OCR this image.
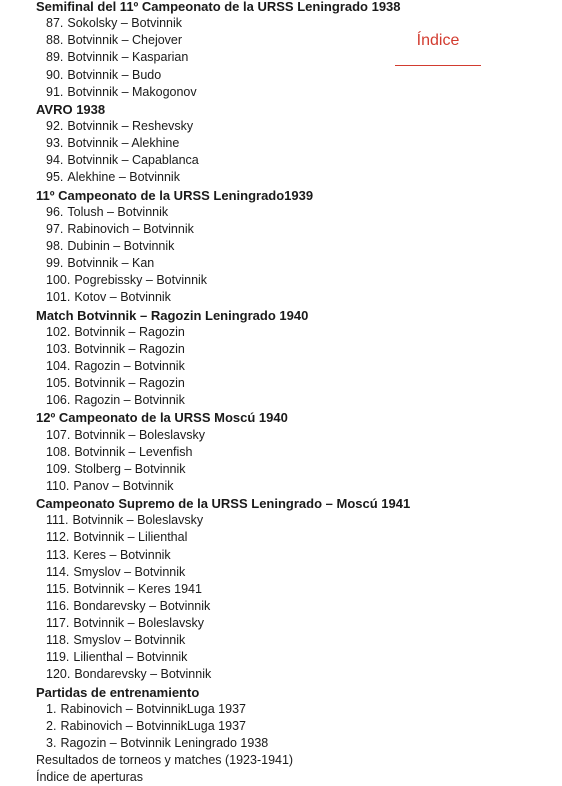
Semifinal del 11º Campeonato de la URSS Leningrado 1938
87. Sokolsky – Botvinnik
88. Botvinnik – Chejover
89. Botvinnik – Kasparian
90. Botvinnik – Budo
91. Botvinnik – Makogonov
AVRO 1938
92. Botvinnik – Reshevsky
93. Botvinnik – Alekhine
94. Botvinnik – Capablanca
95. Alekhine – Botvinnik
11º Campeonato de la URSS Leningrado1939
96. Tolush – Botvinnik
97. Rabinovich – Botvinnik
98. Dubinin – Botvinnik
99. Botvinnik – Kan
100. Pogrebissky – Botvinnik
101. Kotov – Botvinnik
Match Botvinnik – Ragozin Leningrado 1940
102. Botvinnik – Ragozin
103. Botvinnik – Ragozin
104. Ragozin – Botvinnik
105. Botvinnik – Ragozin
106. Ragozin – Botvinnik
12º Campeonato de la URSS Moscú 1940
107. Botvinnik – Boleslavsky
108. Botvinnik – Levenfish
109. Stolberg – Botvinnik
110. Panov – Botvinnik
Campeonato Supremo de la URSS Leningrado – Moscú 1941
111. Botvinnik – Boleslavsky
112. Botvinnik – Lilienthal
113. Keres – Botvinnik
114. Smyslov – Botvinnik
115. Botvinnik – Keres 1941
116. Bondarevsky – Botvinnik
117. Botvinnik – Boleslavsky
118. Smyslov – Botvinnik
119. Lilienthal – Botvinnik
120. Bondarevsky – Botvinnik
Partidas de entrenamiento
1. Rabinovich – BotvinnikLuga 1937
2. Rabinovich – BotvinnikLuga 1937
3. Ragozin – Botvinnik Leningrado 1938
Resultados de torneos y matches (1923-1941)
Índice de aperturas
Índice
